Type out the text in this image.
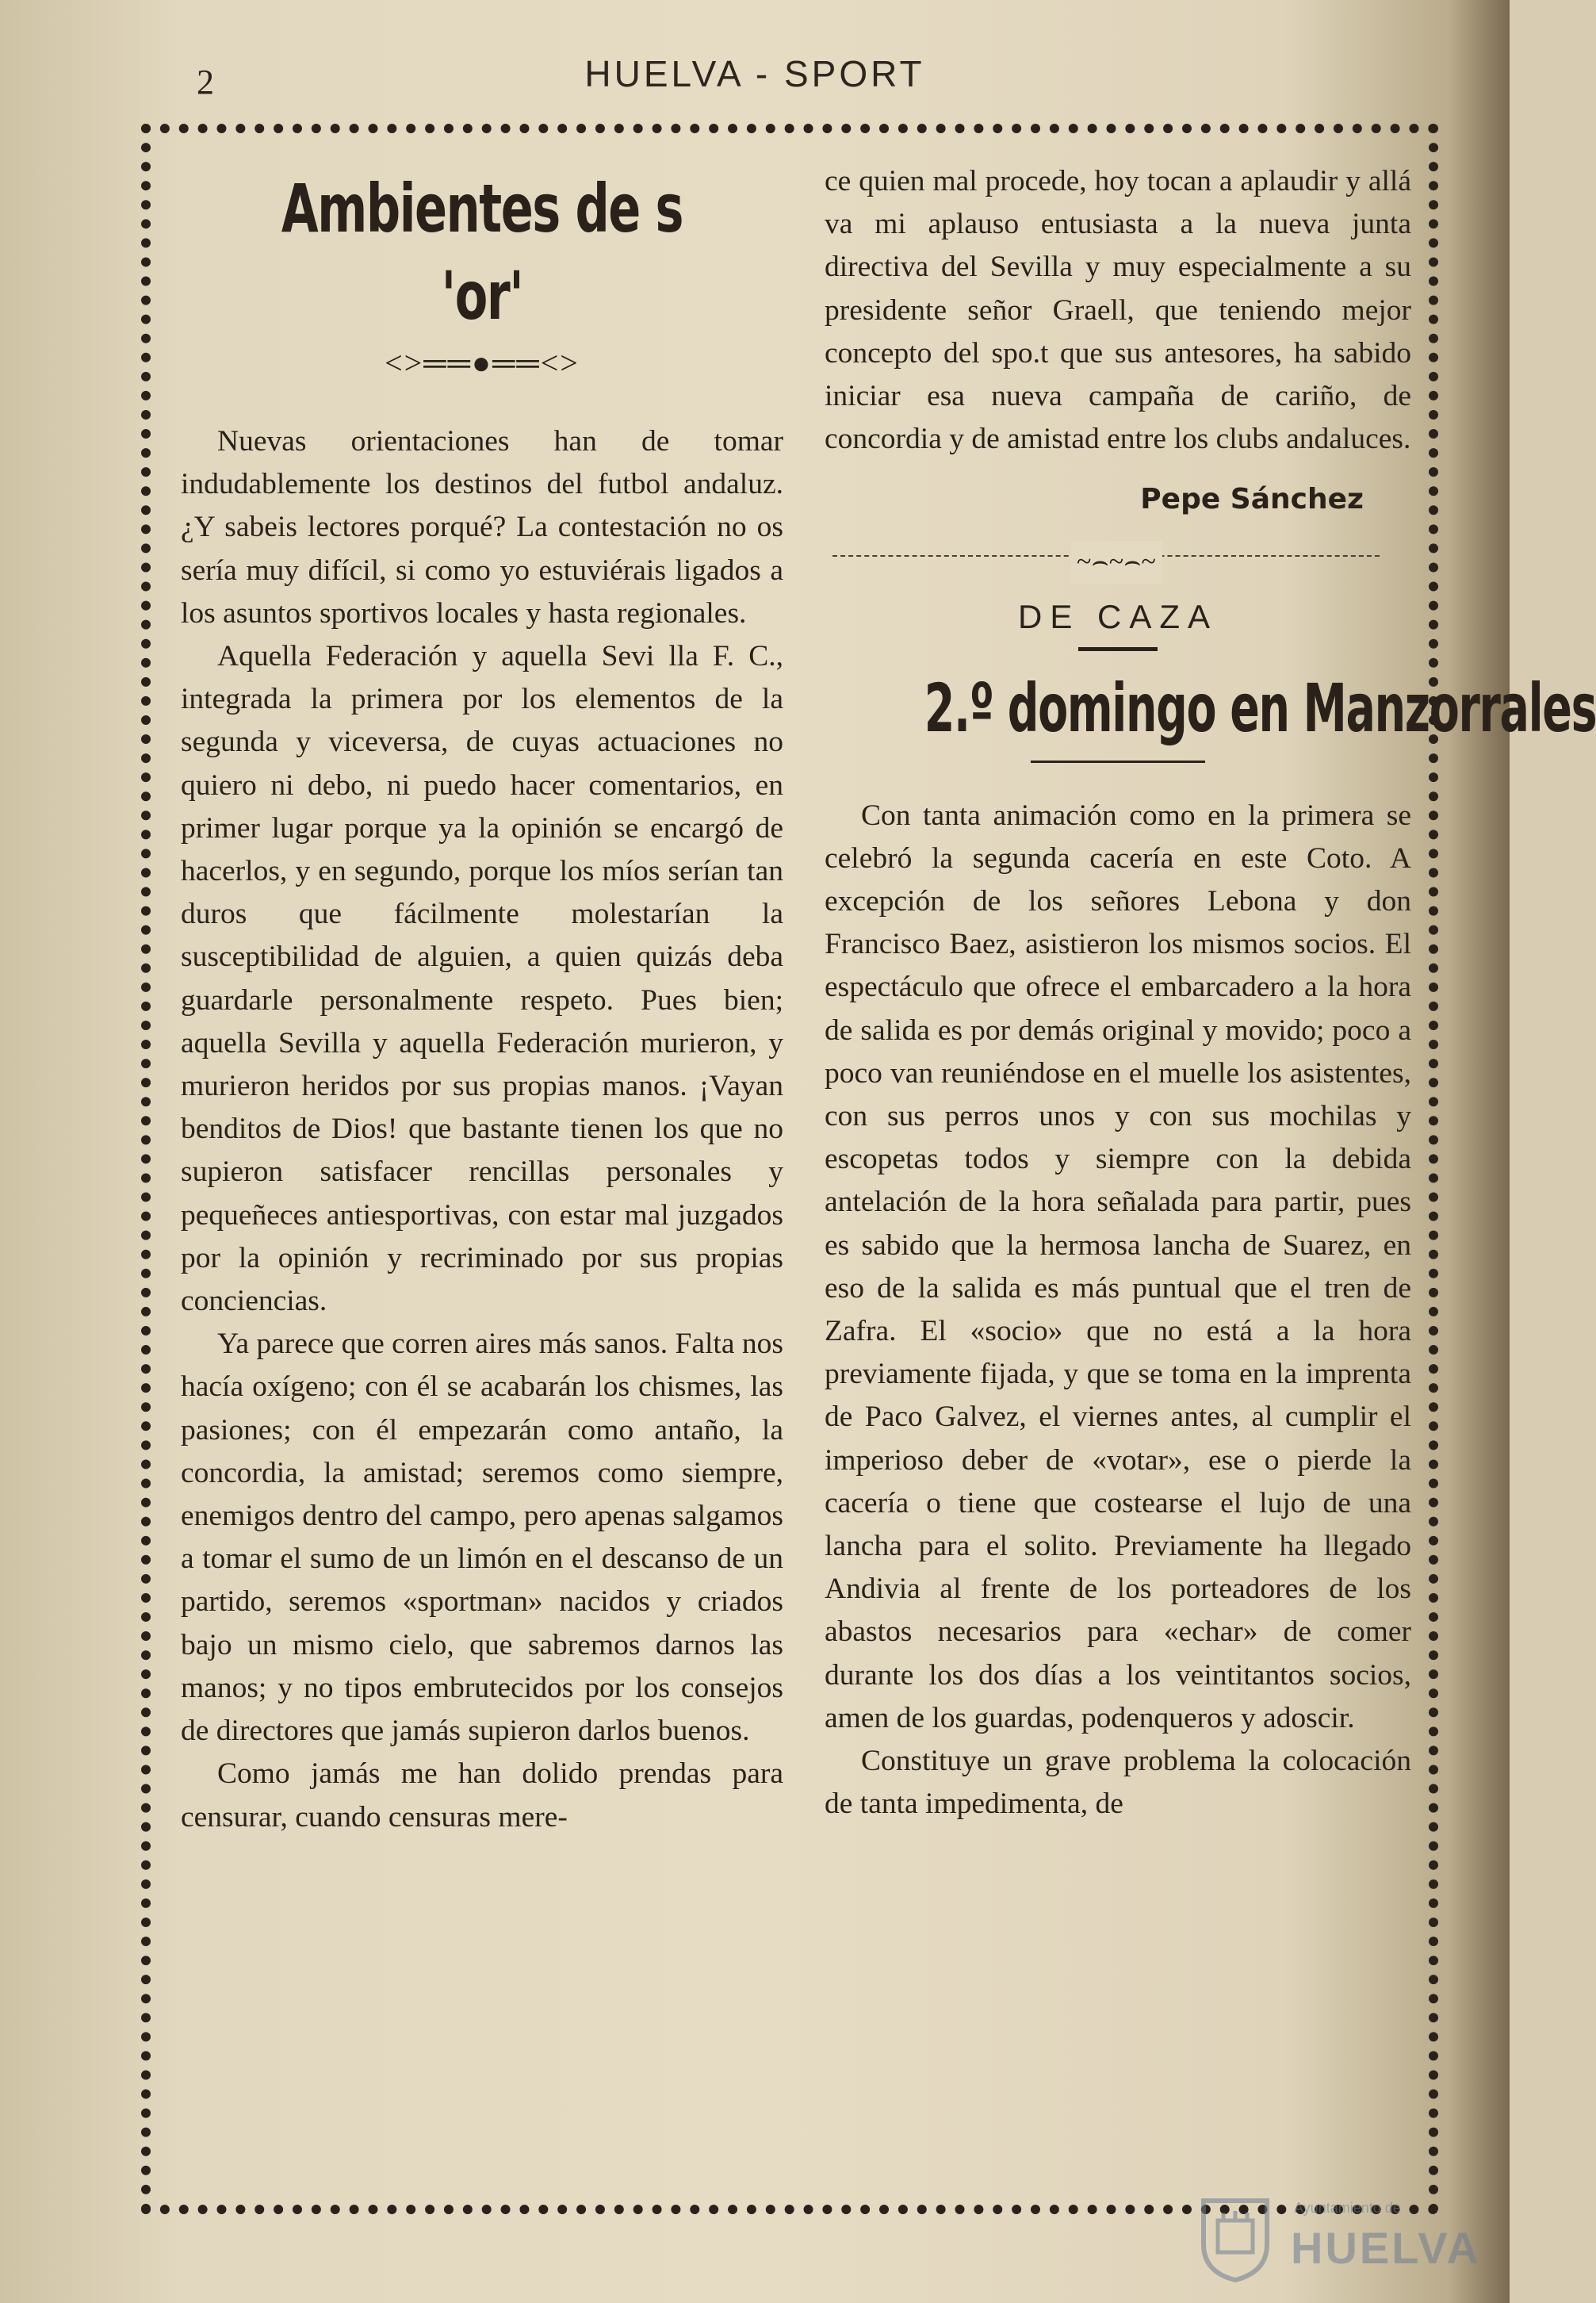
2	HUELVA - SPORT
Ambientes de s 'or'
<>══●══<>

Nuevas orientaciones han de tomar indudablemente los destinos del futbol andaluz. ¿Y sabeis lectores porqué? La contestación no os sería muy difícil, si como yo estuviérais ligados a los asuntos sportivos locales y hasta regionales.

Aquella Federación y aquella Sevi lla F. C., integrada la primera por los elementos de la segunda y viceversa, de cuyas actuaciones no quiero ni debo, ni puedo hacer comentarios, en primer lugar porque ya la opinión se encargó de hacerlos, y en segundo, porque los míos serían tan duros que fácilmente molestarían la susceptibilidad de alguien, a quien quizás deba guardarle personalmente respeto. Pues bien; aquella Sevilla y aquella Federación murieron, y murieron heridos por sus propias manos. ¡Vayan benditos de Dios! que bastante tienen los que no supieron satisfacer rencillas personales y pequeñeces antiesportivas, con estar mal juzgados por la opinión y recriminado por sus propias conciencias.

Ya parece que corren aires más sanos. Falta nos hacía oxígeno; con él se acabarán los chismes, las pasiones; con él empezarán como antaño, la concordia, la amistad; seremos como siempre, enemigos dentro del campo, pero apenas salgamos a tomar el sumo de un limón en el descanso de un partido, seremos «sportman» nacidos y criados bajo un mismo cielo, que sabremos darnos las manos; y no tipos embrutecidos por los consejos de directores que jamás supieron darlos buenos.

Como jamás me han dolido prendas para censurar, cuando censuras mere-

ce quien mal procede, hoy tocan a aplaudir y allá va mi aplauso entusiasta a la nueva junta directiva del Sevilla y muy especialmente a su presidente señor Graell, que teniendo mejor concepto del spo.t que sus antesores, ha sabido iniciar esa nueva campaña de cariño, de concordia y de amistad entre los clubs andaluces.

Pepe Sánchez
~⌢~⌢~
DE CAZA
2.º domingo en Manzorrales

Con tanta animación como en la primera se celebró la segunda cacería en este Coto. A excepción de los señores Lebona y don Francisco Baez, asistieron los mismos socios. El espectáculo que ofrece el embarcadero a la hora de salida es por demás original y movido; poco a poco van reuniéndose en el muelle los asistentes, con sus perros unos y con sus mochilas y escopetas todos y siempre con la debida antelación de la hora señalada para partir, pues es sabido que la hermosa lancha de Suarez, en eso de la salida es más puntual que el tren de Zafra. El «socio» que no está a la hora previamente fijada, y que se toma en la imprenta de Paco Galvez, el viernes antes, al cumplir el imperioso deber de «votar», ese o pierde la cacería o tiene que costearse el lujo de una lancha para el solito. Previamente ha llegado Andivia al frente de los porteadores de los abastos necesarios para «echar» de comer durante los dos días a los veintitantos socios, amen de los guardas, podenqueros y adoscir.

Constituye un grave problema la colocación de tanta impedimenta, de

Ayuntamiento de
HUELVA
